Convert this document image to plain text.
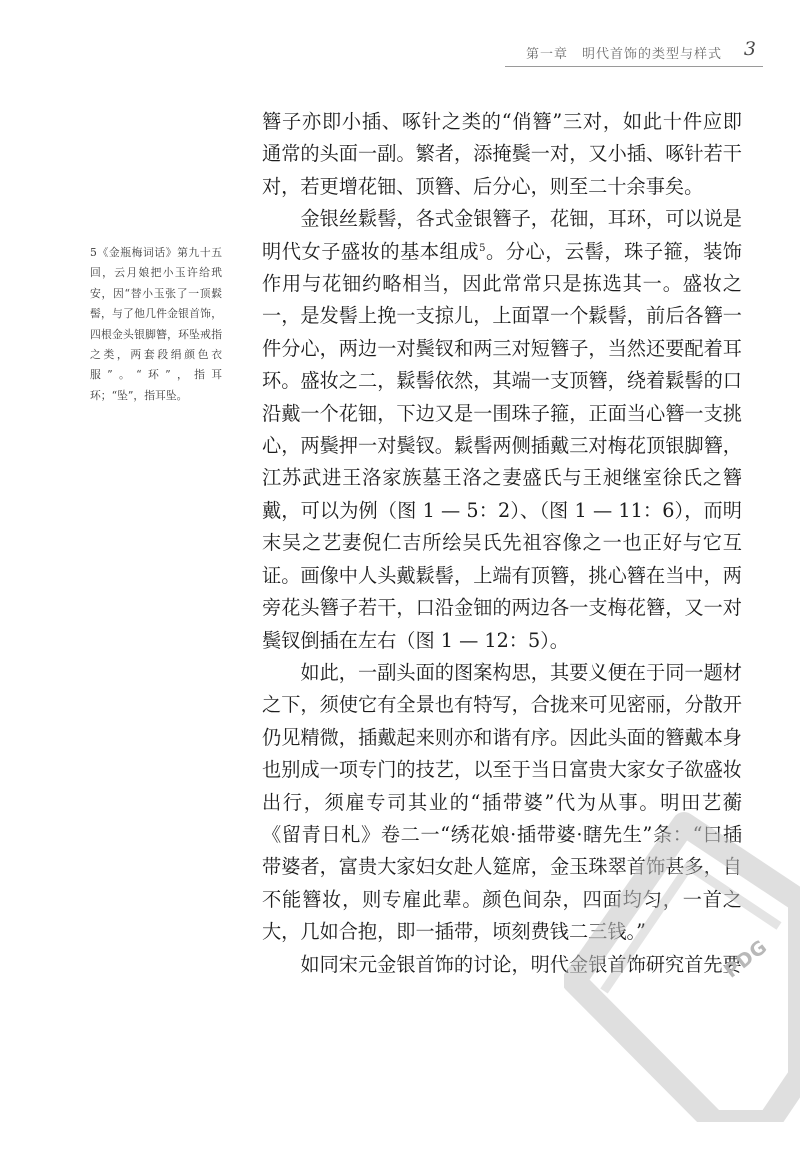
第一章 明代首饰的类型与样式 3
5《金瓶梅词话》第九十五回，云月娘把小玉许给玳安，因“替小玉张了一顶鬏髻，与了他几件金银首饰，四根金头银脚簪，环坠戒指之类，两套段绢颜色衣服”。“环”，指耳环；“坠”，指耳坠。

簪子亦即小插、啄针之类的“俏簪”三对，如此十件应即通常的头面一副。繁者，添掩鬓一对，又小插、啄针若干对，若更增花钿、顶簪、后分心，则至二十余事矣。

金银丝鬏髻，各式金银簪子，花钿，耳环，可以说是明代女子盛妆的基本组成$^5$。分心，云髻，珠子箍，装饰作用与花钿约略相当，因此常常只是拣选其一。盛妆之一，是发髻上挽一支掠儿，上面罩一个鬏髻，前后各簪一件分心，两边一对鬓钗和两三对短簪子，当然还要配着耳环。盛妆之二，鬏髻依然，其端一支顶簪，绕着鬏髻的口沿戴一个花钿，下边又是一围珠子箍，正面当心簪一支挑心，两鬓押一对鬓钗。鬏髻两侧插戴三对梅花顶银脚簪，江苏武进王洛家族墓王洛之妻盛氏与王昶继室徐氏之簪戴，可以为例（图 1 — 5：2）、（图 1 — 11：6），而明末吴之艺妻倪仁吉所绘吴氏先祖容像之一也正好与它互证。画像中人头戴鬏髻，上端有顶簪，挑心簪在当中，两旁花头簪子若干，口沿金钿的两边各一支梅花簪，又一对鬓钗倒插在左右（图 1 — 12：5）。

如此，一副头面的图案构思，其要义便在于同一题材之下，须使它有全景也有特写，合拢来可见密丽，分散开仍见精微，插戴起来则亦和谐有序。因此头面的簪戴本身也别成一项专门的技艺，以至于当日富贵大家女子欲盛妆出行，须雇专司其业的“插带婆”代为从事。明田艺蘅《留青日札》卷二一“绣花娘·插带婆·瞎先生”条：“曰插带婆者，富贵大家妇女赴人筵席，金玉珠翠首饰甚多，自不能簪妆，则专雇此辈。颜色间杂，四面均匀，一首之大，几如合抱，即一插带，顷刻费钱二三钱。”

如同宋元金银首饰的讨论，明代金银首饰研究首先要

PDG
